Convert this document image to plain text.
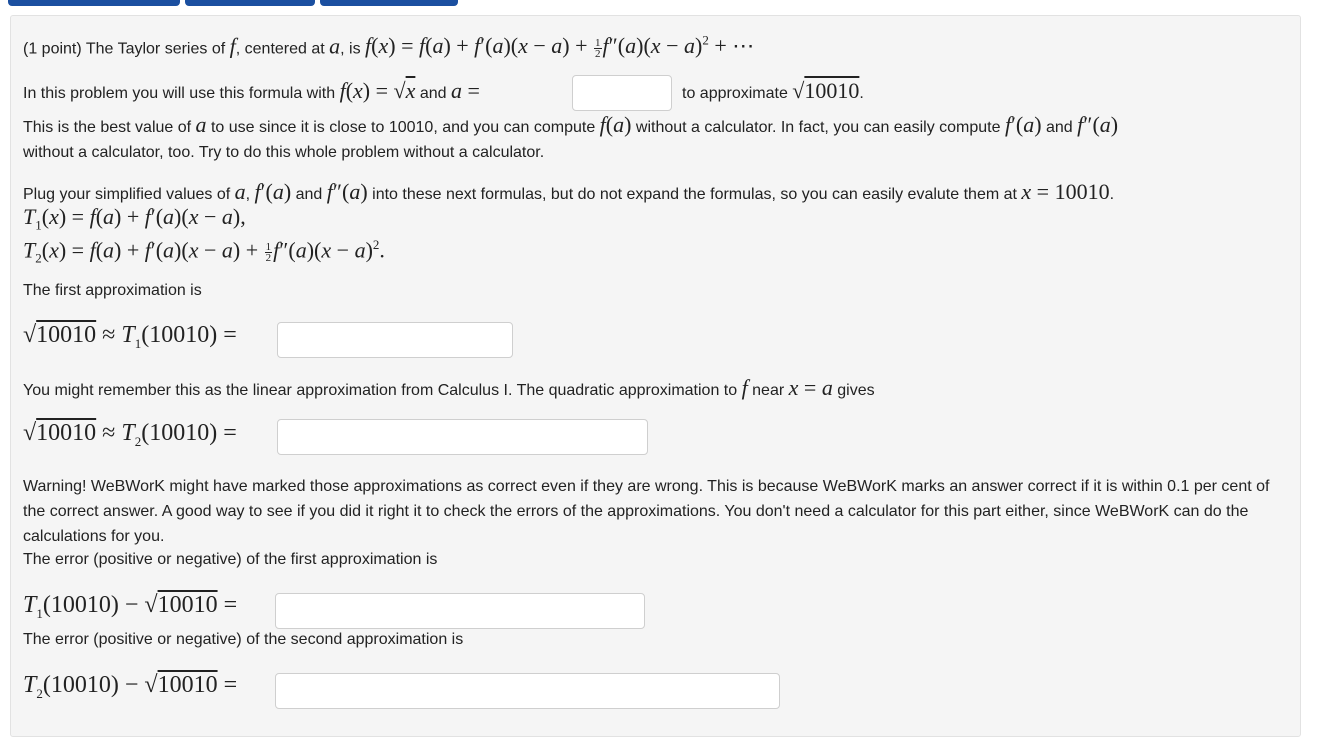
(1 point) The Taylor series of f, centered at a, is $f(x) = f(a) + f'(a)(x - a) + \frac{1}{2} f''(a)(x - a)^2$ + ⋯
In this problem you will use this formula with f(x) = √x and a =	to approximate √10010.
This is the best value of a to use since it is close to 10010, and you can compute f(a) without a calculator. In fact, you can easily compute f′(a) and f″(a)
without a calculator, too. Try to do this whole problem without a calculator.
Plug your simplified values of a, f′(a) and f″(a) into these next formulas, but do not expand the formulas, so you can easily evalute them at x = 10010.
$T_1(x) = f(a) + f'(a)(x - a)$,
$T_2(x) = f(a) + f'(a)(x - a) + \frac{1}{2} f''(a)(x - a)^2$.
The first approximation is
$√10010 \approx T_1(10010)$ =
You might remember this as the linear approximation from Calculus I. The quadratic approximation to f near x = a gives
$√10010 \approx T_2(10010)$ =
Warning! WeBWorK might have marked those approximations as correct even if they are wrong. This is because WeBWorK marks an answer correct if it is within 0.1 per cent of the correct answer. A good way to see if you did it right it to check the errors of the approximations. You don't need a calculator for this part either, since WeBWorK can do the calculations for you.
The error (positive or negative) of the first approximation is
$T_1(10010) - √10010$ =
The error (positive or negative) of the second approximation is
$T_2(10010) - √10010$ =
